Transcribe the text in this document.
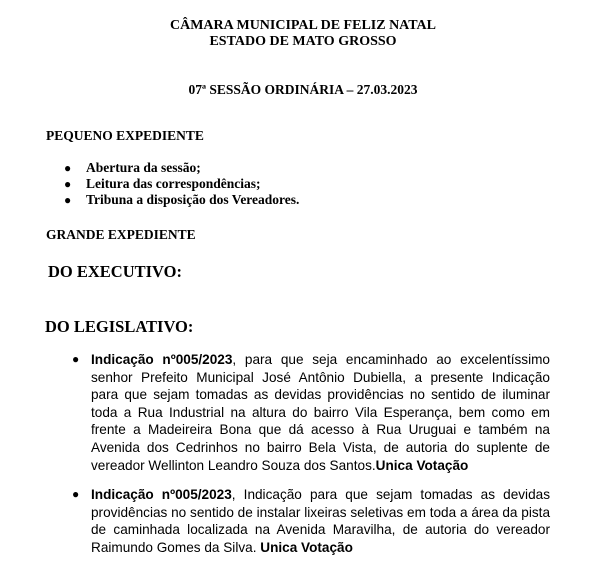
CÂMARA MUNICIPAL DE FELIZ NATAL
ESTADO DE MATO GROSSO
07ª SESSÃO ORDINÁRIA – 27.03.2023
PEQUENO EXPEDIENTE
● Abertura da sessão;
● Leitura das correspondências;
● Tribuna a disposição dos Vereadores.
GRANDE EXPEDIENTE
DO EXECUTIVO:
DO LEGISLATIVO:
● Indicação nº005/2023, para que seja encaminhado ao excelentíssimo
senhor Prefeito Municipal José Antônio Dubiella, a presente Indicação
para que sejam tomadas as devidas providências no sentido de iluminar
toda a Rua Industrial na altura do bairro Vila Esperança, bem como em
frente a Madeireira Bona que dá acesso à Rua Uruguai e também na
Avenida dos Cedrinhos no bairro Bela Vista, de autoria do suplente de
vereador Wellinton Leandro Souza dos Santos.Unica Votação
● Indicação nº005/2023, Indicação para que sejam tomadas as devidas
providências no sentido de instalar lixeiras seletivas em toda a área da pista
de caminhada localizada na Avenida Maravilha, de autoria do vereador
Raimundo Gomes da Silva. Unica Votação
